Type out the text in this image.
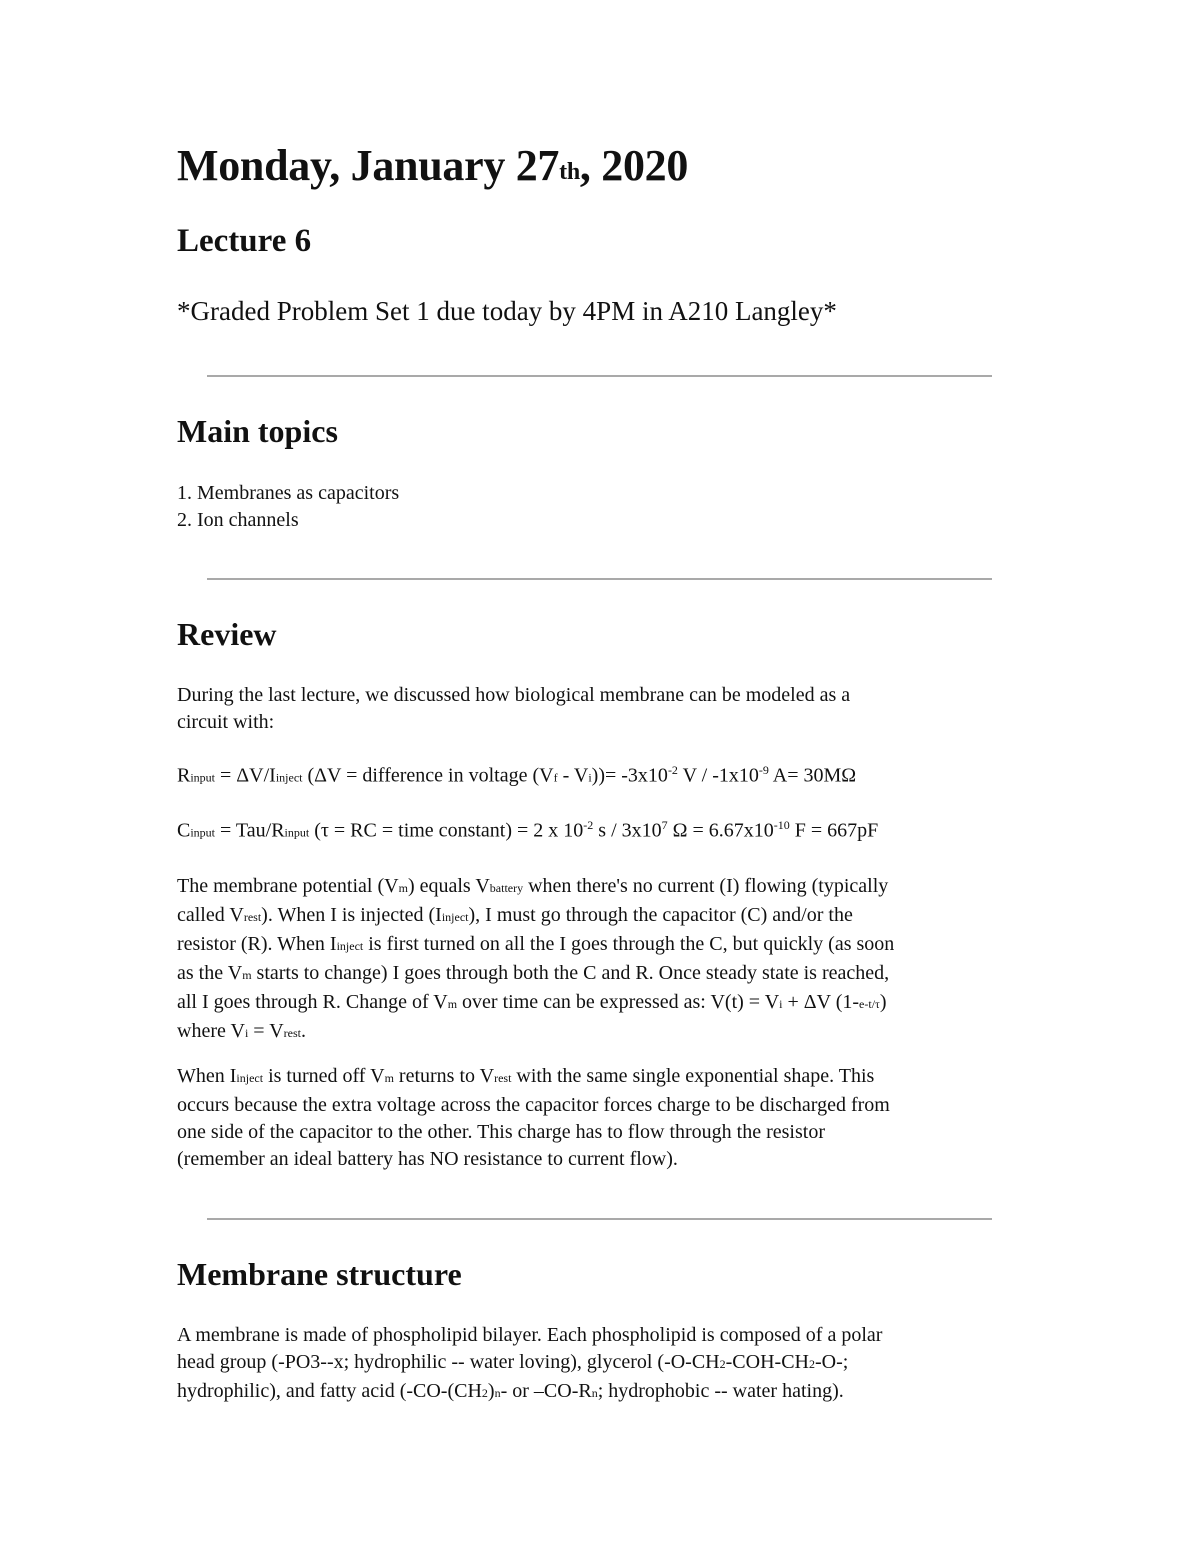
Monday, January 27th, 2020
Lecture 6

*Graded Problem Set 1 due today by 4PM in A210 Langley*

Main topics
1. Membranes as capacitors
2. Ion channels
Review

During the last lecture, we discussed how biological membrane can be modeled as a
circuit with:

Rinput = ΔV/Iinject (ΔV = difference in voltage $(Vf - Vi))= -3x10^{-2}$ V / $-1x10^{-9}$ A= 30MΩ

Cinput = Tau/Rinput (τ = RC = time constant) = 2 x $10^{-2}$ s / $3x10^7$ $\Omega = 6.67x10^{-10}$ F = 667pF

The membrane potential (Vm) equals Vbattery when there's no current (I) flowing (typically
called Vrest). When I is injected (Iinject), I must go through the capacitor (C) and/or the
resistor (R). When Iinject is first turned on all the I goes through the C, but quickly (as soon
as the Vm starts to change) I goes through both the C and R. Once steady state is reached,
all I goes through R. Change of Vm over time can be expressed as: V(t) = Vi + ΔV (1-e-t/τ)
where Vi = Vrest.

When Iinject is turned off Vm returns to Vrest with the same single exponential shape. This
occurs because the extra voltage across the capacitor forces charge to be discharged from
one side of the capacitor to the other. This charge has to flow through the resistor
(remember an ideal battery has NO resistance to current flow).

Membrane structure

A membrane is made of phospholipid bilayer. Each phospholipid is composed of a polar
head group (-PO3--x; hydrophilic -- water loving), glycerol (-O-CH2-COH-CH2-O-;
hydrophilic), and fatty acid (-CO-(CH2)n- or –CO-Rn; hydrophobic -- water hating).
